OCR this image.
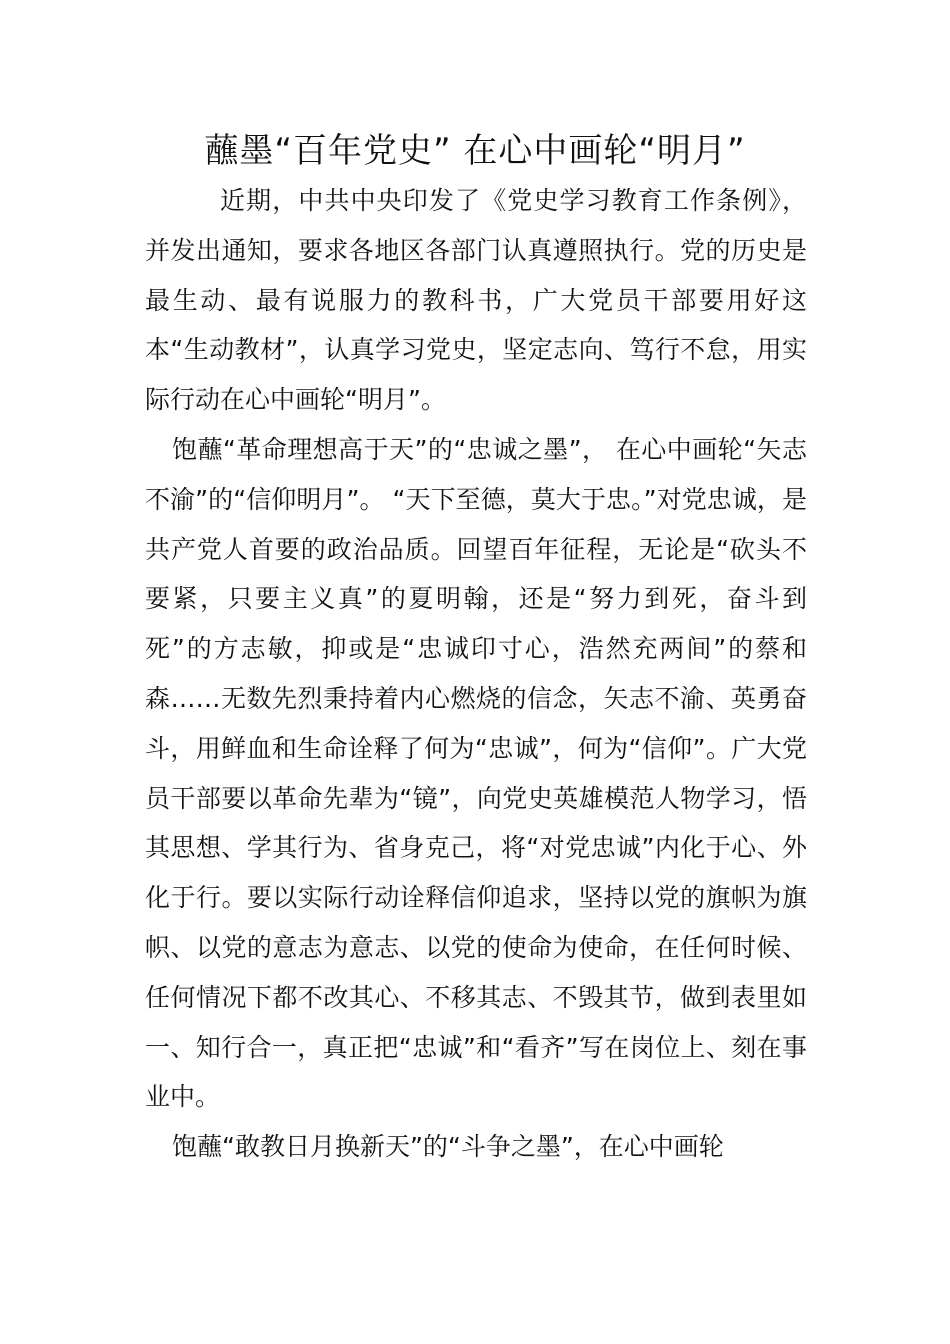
蘸墨“百年党史” 在心中画轮“明月”

近期，中共中央印发了《党史学习教育工作条例》，并发出通知，要求各地区各部门认真遵照执行。党的历史是最生动、最有说服力的教科书，广大党员干部要用好这本“生动教材”，认真学习党史，坚定志向、笃行不怠，用实际行动在心中画轮“明月”。

饱蘸“革命理想高于天”的“忠诚之墨”， 在心中画轮“矢志不渝”的“信仰明月”。 “天下至德，莫大于忠。”对党忠诚，是共产党人首要的政治品质。回望百年征程，无论是“砍头不要紧，只要主义真”的夏明翰，还是“努力到死，奋斗到死”的方志敏，抑或是“忠诚印寸心，浩然充两间”的蔡和森……无数先烈秉持着内心燃烧的信念，矢志不渝、英勇奋斗，用鲜血和生命诠释了何为“忠诚”，何为“信仰”。广大党员干部要以革命先辈为“镜”，向党史英雄模范人物学习，悟其思想、学其行为、省身克己，将“对党忠诚”内化于心、外化于行。要以实际行动诠释信仰追求，坚持以党的旗帜为旗帜、以党的意志为意志、以党的使命为使命，在任何时候、任何情况下都不改其心、不移其志、不毁其节，做到表里如一、知行合一，真正把“忠诚”和“看齐”写在岗位上、刻在事业中。

饱蘸“敢教日月换新天”的“斗争之墨”，在心中画轮
